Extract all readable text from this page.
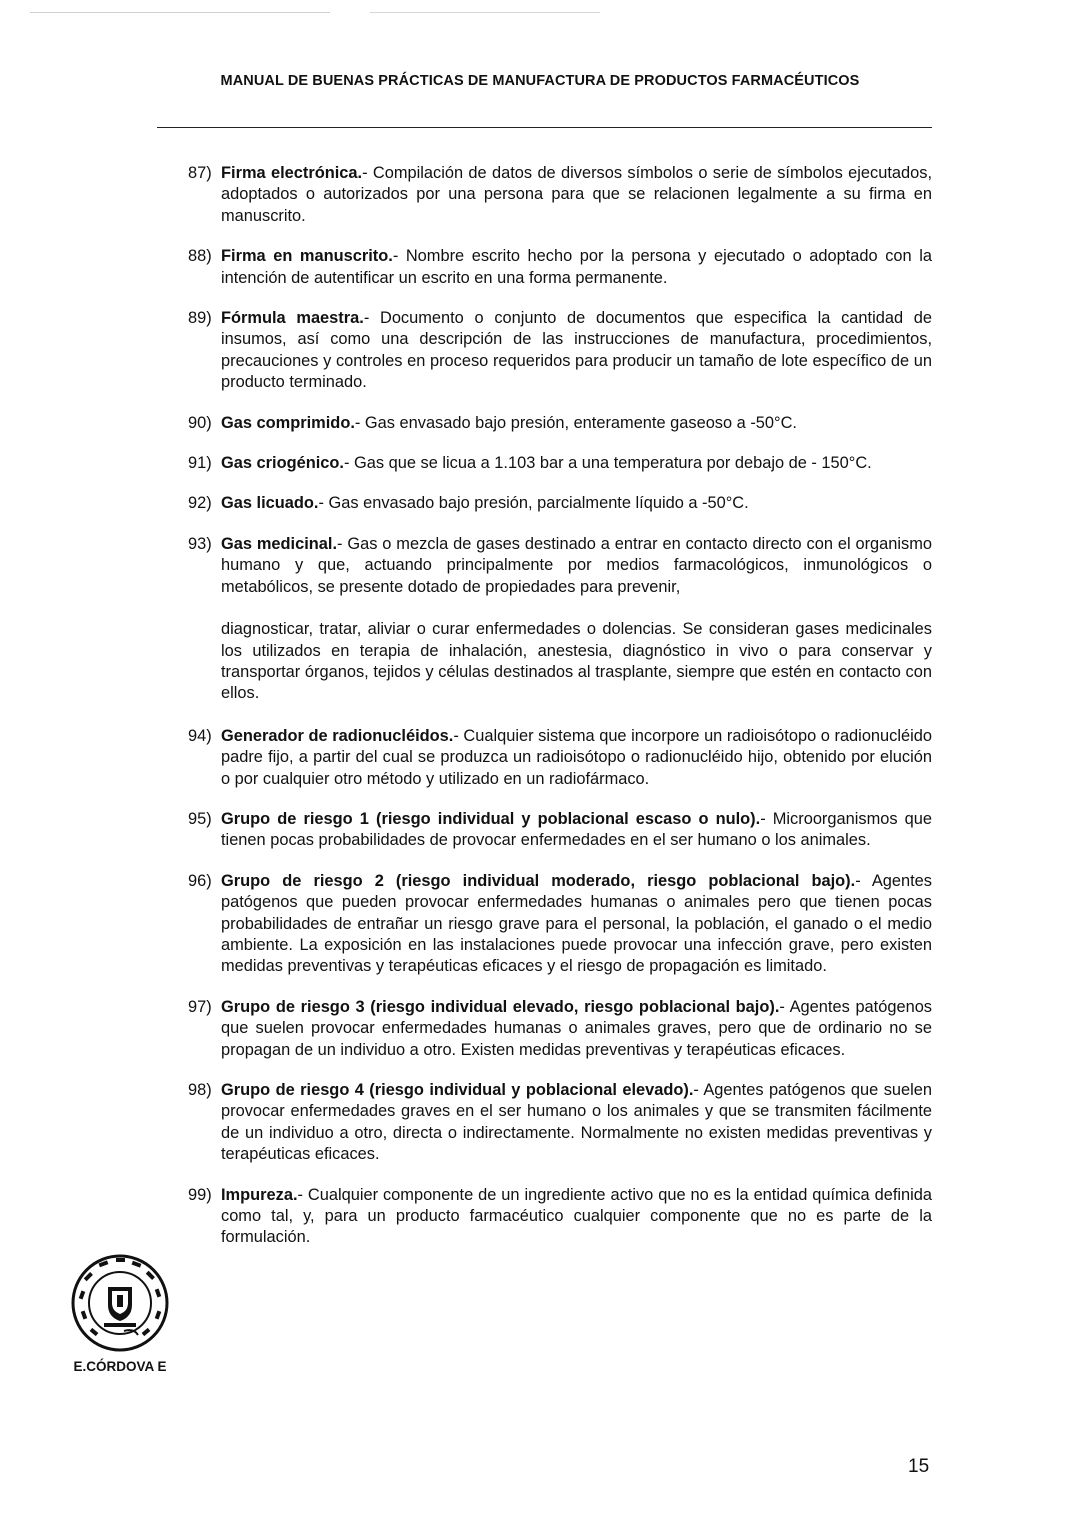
MANUAL DE BUENAS PRÁCTICAS DE MANUFACTURA DE PRODUCTOS FARMACÉUTICOS
87) Firma electrónica.- Compilación de datos de diversos símbolos o serie de símbolos ejecutados, adoptados o autorizados por una persona para que se relacionen legalmente a su firma en manuscrito.
88) Firma en manuscrito.- Nombre escrito hecho por la persona y ejecutado o adoptado con la intención de autentificar un escrito en una forma permanente.
89) Fórmula maestra.- Documento o conjunto de documentos que especifica la cantidad de insumos, así como una descripción de las instrucciones de manufactura, procedimientos, precauciones y controles en proceso requeridos para producir un tamaño de lote específico de un producto terminado.
90) Gas comprimido.- Gas envasado bajo presión, enteramente gaseoso a -50°C.
91) Gas criogénico.- Gas que se licua a 1.103 bar a una temperatura por debajo de - 150°C.
92) Gas licuado.- Gas envasado bajo presión, parcialmente líquido a -50°C.
93) Gas medicinal.- Gas o mezcla de gases destinado a entrar en contacto directo con el organismo humano y que, actuando principalmente por medios farmacológicos, inmunológicos o metabólicos, se presente dotado de propiedades para prevenir,

diagnosticar, tratar, aliviar o curar enfermedades o dolencias. Se consideran gases medicinales los utilizados en terapia de inhalación, anestesia, diagnóstico in vivo o para conservar y transportar órganos, tejidos y células destinados al trasplante, siempre que estén en contacto con ellos.

94) Generador de radionucléidos.- Cualquier sistema que incorpore un radioisótopo o radionucléido padre fijo, a partir del cual se produzca un radioisótopo o radionucléido hijo, obtenido por elución o por cualquier otro método y utilizado en un radiofármaco.
95) Grupo de riesgo 1 (riesgo individual y poblacional escaso o nulo).- Microorganismos que tienen pocas probabilidades de provocar enfermedades en el ser humano o los animales.
96) Grupo de riesgo 2 (riesgo individual moderado, riesgo poblacional bajo).- Agentes patógenos que pueden provocar enfermedades humanas o animales pero que tienen pocas probabilidades de entrañar un riesgo grave para el personal, la población, el ganado o el medio ambiente. La exposición en las instalaciones puede provocar una infección grave, pero existen medidas preventivas y terapéuticas eficaces y el riesgo de propagación es limitado.
97) Grupo de riesgo 3 (riesgo individual elevado, riesgo poblacional bajo).- Agentes patógenos que suelen provocar enfermedades humanas o animales graves, pero que de ordinario no se propagan de un individuo a otro. Existen medidas preventivas y terapéuticas eficaces.
98) Grupo de riesgo 4 (riesgo individual y poblacional elevado).- Agentes patógenos que suelen provocar enfermedades graves en el ser humano o los animales y que se transmiten fácilmente de un individuo a otro, directa o indirectamente. Normalmente no existen medidas preventivas y terapéuticas eficaces.
99) Impureza.- Cualquier componente de un ingrediente activo que no es la entidad química definida como tal, y, para un producto farmacéutico cualquier componente que no es parte de la formulación.
E.CÓRDOVA E
15
